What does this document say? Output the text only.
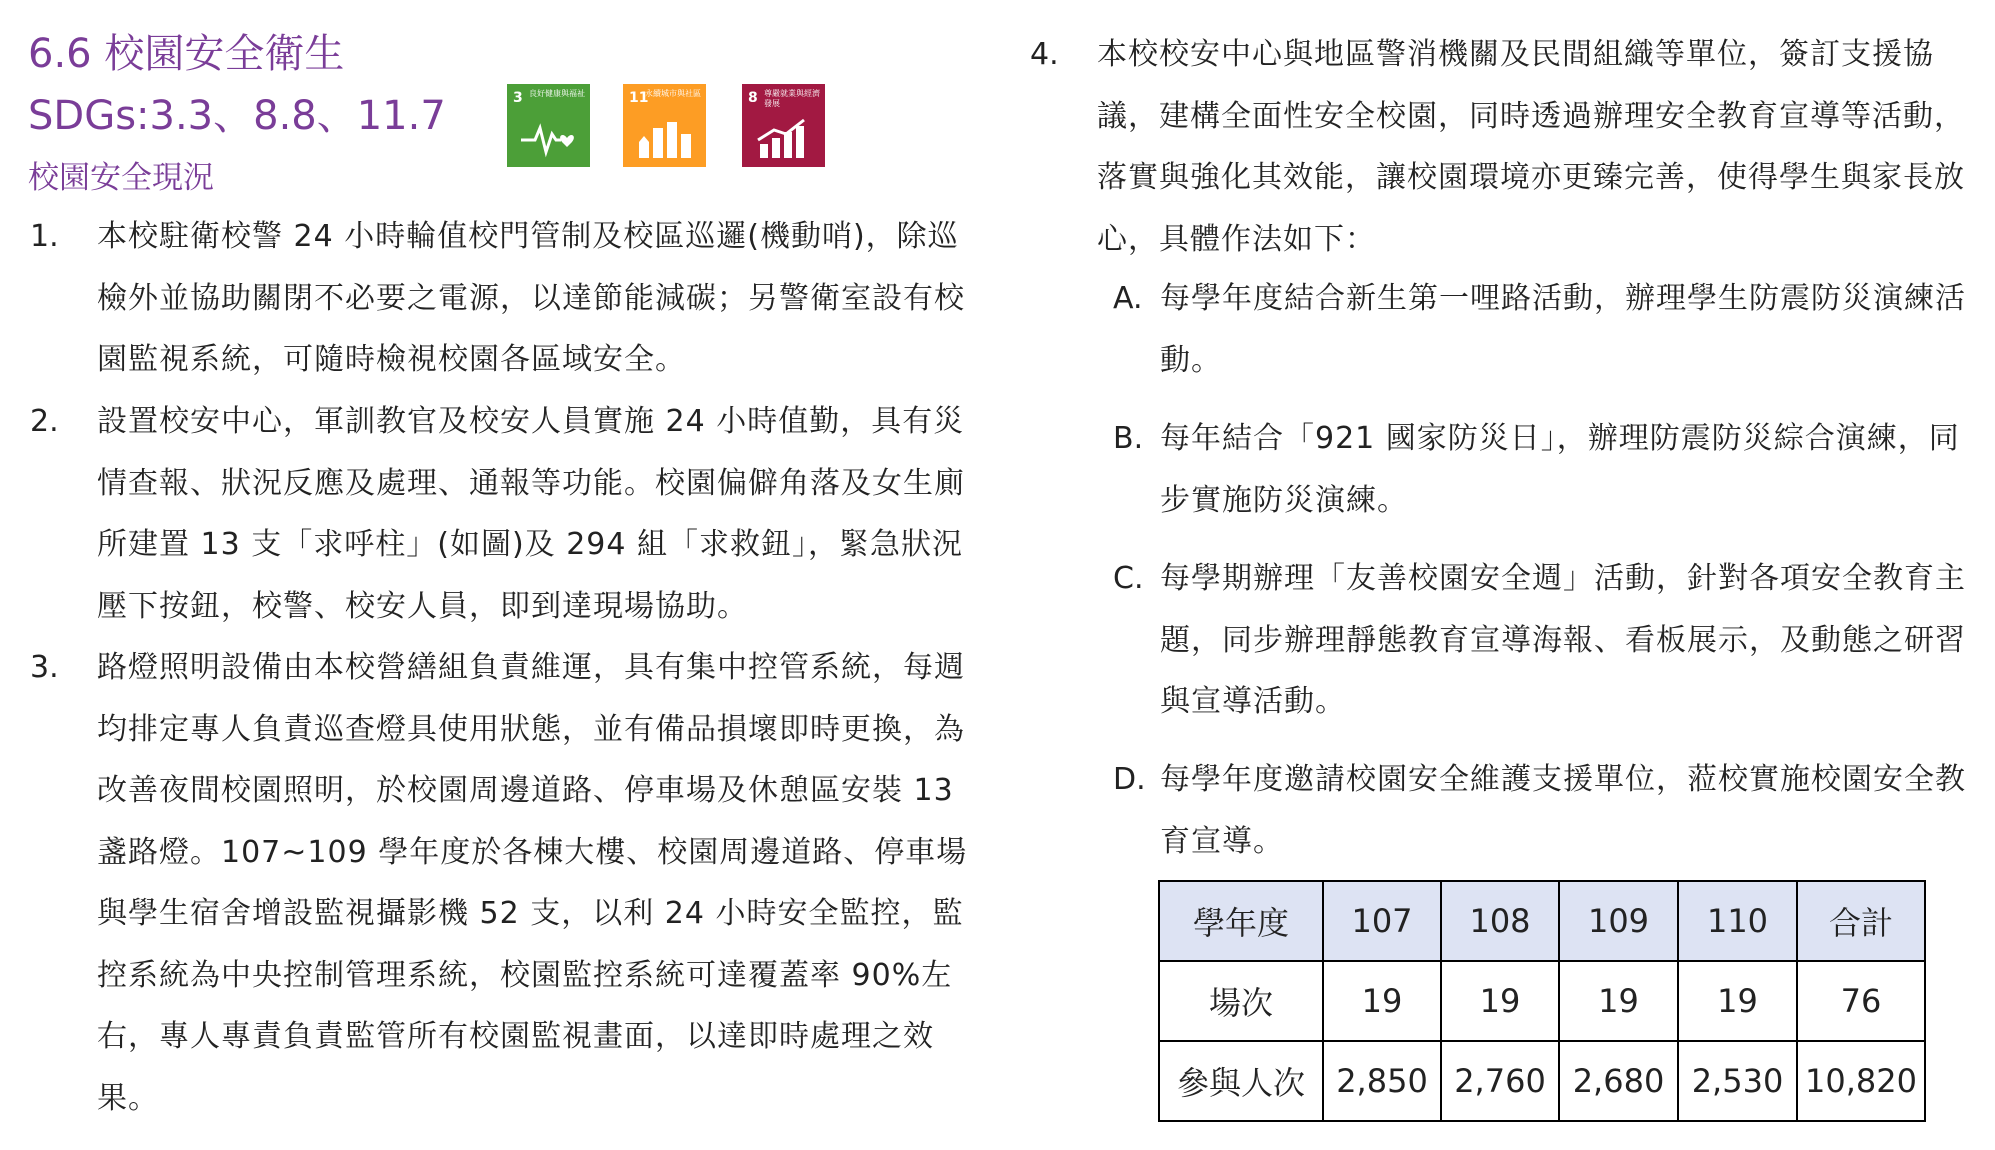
6.6 校園安全衛生
SDGs:3.3、8.8、11.7
校園安全現況
3 良好健康與福祉	11
永續城市與社區	8 尊嚴就業與經濟發展
1. 本校駐衛校警 24 小時輪值校門管制及校區巡邏(機動哨)，除巡檢外並協助關閉不必要之電源，以達節能減碳；另警衛室設有校園監視系統，可隨時檢視校園各區域安全。
2. 設置校安中心，軍訓教官及校安人員實施 24 小時值勤，具有災情查報、狀況反應及處理、通報等功能。校園偏僻角落及女生廁所建置 13 支「求呼柱」(如圖)及 294 組「求救鈕」，緊急狀況壓下按鈕，校警、校安人員，即到達現場協助。
3. 路燈照明設備由本校營繕組負責維運，具有集中控管系統，每週均排定專人負責巡查燈具使用狀態，並有備品損壞即時更換，為改善夜間校園照明，於校園周邊道路、停車場及休憩區安裝 13 盞路燈。107~109 學年度於各棟大樓、校園周邊道路、停車場與學生宿舍增設監視攝影機 52 支，以利 24 小時安全監控，監控系統為中央控制管理系統，校園監控系統可達覆蓋率 90%左右，專人專責負責監管所有校園監視畫面，以達即時處理之效果。
4. 本校校安中心與地區警消機關及民間組織等單位，簽訂支援協議，建構全面性安全校園，同時透過辦理安全教育宣導等活動，落實與強化其效能，讓校園環境亦更臻完善，使得學生與家長放心，具體作法如下：
A. 每學年度結合新生第一哩路活動，辦理學生防震防災演練活動。
B. 每年結合「921 國家防災日」，辦理防震防災綜合演練，同步實施防災演練。
C. 每學期辦理「友善校園安全週」活動，針對各項安全教育主題，同步辦理靜態教育宣導海報、看板展示，及動態之研習與宣導活動。
D. 每學年度邀請校園安全維護支援單位，蒞校實施校園安全教育宣導。
學年度	107	108	109	110	合計
場次	19	19	19	19	76
參與人次	2,850	2,760	2,680	2,530	10,820
